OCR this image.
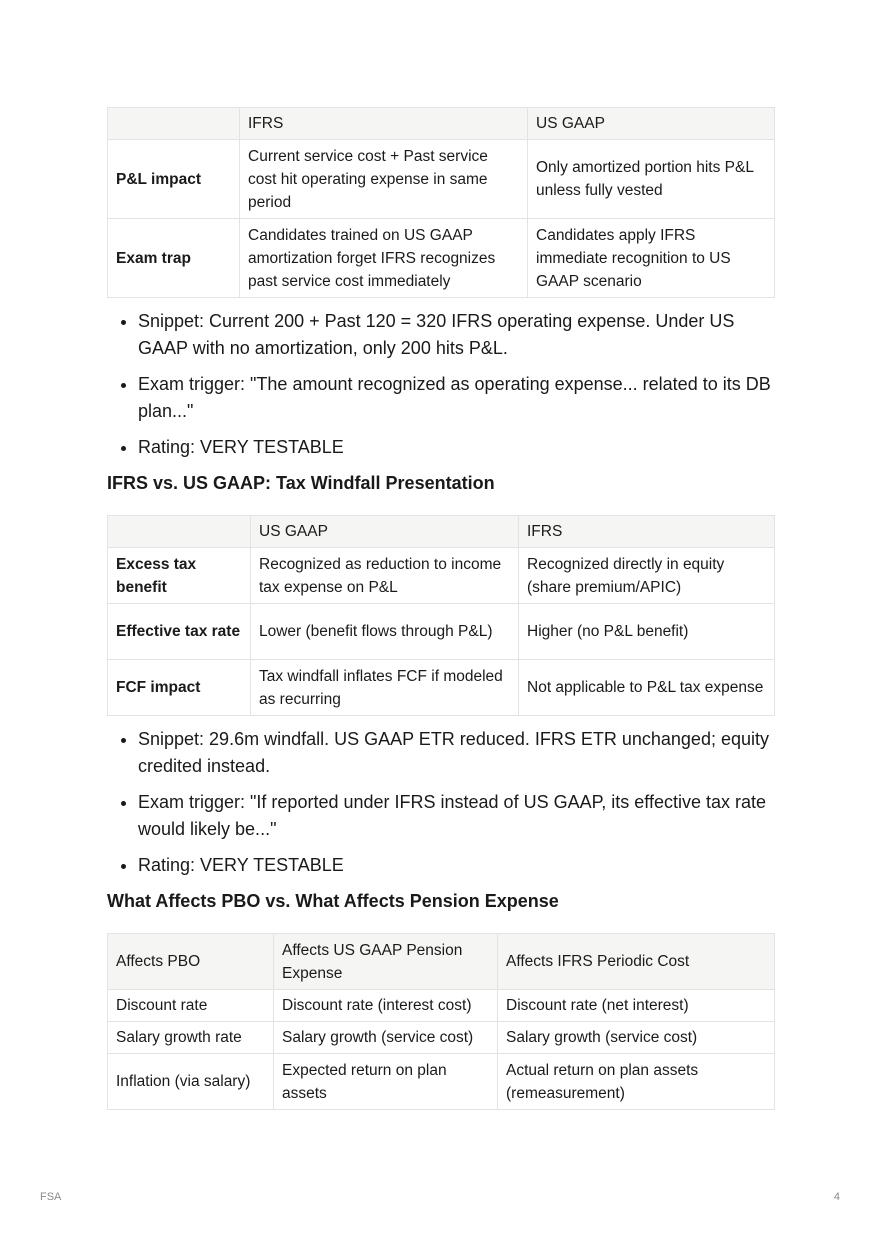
	IFRS	US GAAP
P&L impact	Current service cost + Past service cost hit operating expense in same period	Only amortized portion hits P&L unless fully vested
Exam trap	Candidates trained on US GAAP amortization forget IFRS recognizes past service cost immediately	Candidates apply IFRS immediate recognition to US GAAP scenario
• Snippet: Current 200 + Past 120 = 320 IFRS operating expense. Under US GAAP with no amortization, only 200 hits P&L.
• Exam trigger: "The amount recognized as operating expense... related to its DB plan..."
• Rating: VERY TESTABLE
IFRS vs. US GAAP: Tax Windfall Presentation
	US GAAP	IFRS
Excess tax benefit	Recognized as reduction to income tax expense on P&L	Recognized directly in equity (share premium/APIC)
Effective tax rate	Lower (benefit flows through P&L)	Higher (no P&L benefit)
FCF impact	Tax windfall inflates FCF if modeled as recurring	Not applicable to P&L tax expense
• Snippet: 29.6m windfall. US GAAP ETR reduced. IFRS ETR unchanged; equity credited instead.
• Exam trigger: "If reported under IFRS instead of US GAAP, its effective tax rate would likely be..."
• Rating: VERY TESTABLE
What Affects PBO vs. What Affects Pension Expense
Affects PBO	Affects US GAAP Pension Expense	Affects IFRS Periodic Cost
Discount rate	Discount rate (interest cost)	Discount rate (net interest)
Salary growth rate	Salary growth (service cost)	Salary growth (service cost)
Inflation (via salary)	Expected return on plan assets	Actual return on plan assets (remeasurement)
FSA	4
